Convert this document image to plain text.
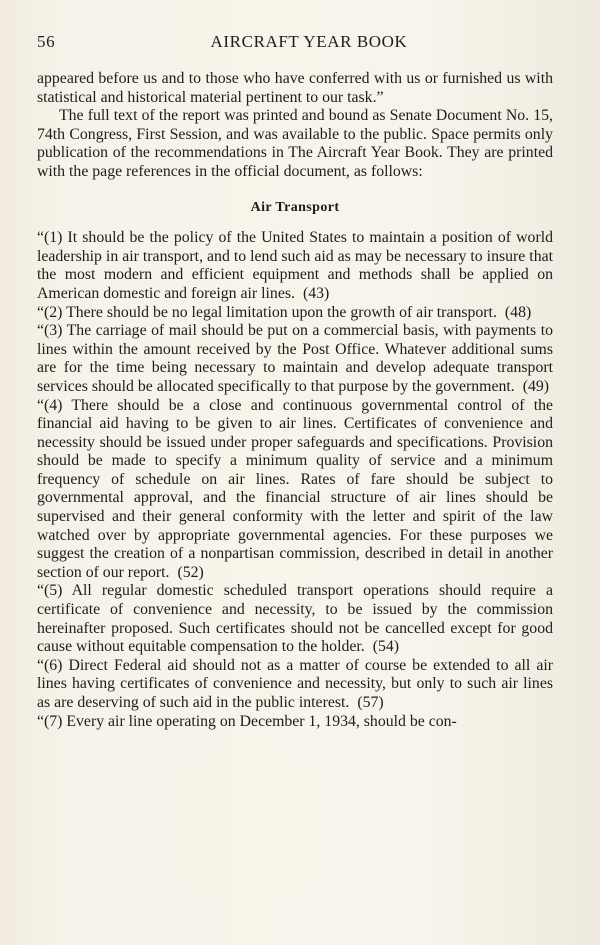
56	AIRCRAFT YEAR BOOK

appeared before us and to those who have conferred with us or furnished us with statistical and historical material pertinent to our task.”

The full text of the report was printed and bound as Senate Document No. 15, 74th Congress, First Session, and was available to the public. Space permits only publication of the recommendations in The Aircraft Year Book. They are printed with the page references in the official document, as follows:

Air Transport

“(1) It should be the policy of the United States to maintain a position of world leadership in air transport, and to lend such aid as may be necessary to insure that the most modern and efficient equipment and methods shall be applied on American domestic and foreign air lines. (43)

“(2) There should be no legal limitation upon the growth of air transport. (48)

“(3) The carriage of mail should be put on a commercial basis, with payments to lines within the amount received by the Post Office. Whatever additional sums are for the time being necessary to maintain and develop adequate transport services should be allocated specifically to that purpose by the government. (49)

“(4) There should be a close and continuous governmental control of the financial aid having to be given to air lines. Certificates of convenience and necessity should be issued under proper safeguards and specifications. Provision should be made to specify a minimum quality of service and a minimum frequency of schedule on air lines. Rates of fare should be subject to governmental approval, and the financial structure of air lines should be supervised and their general conformity with the letter and spirit of the law watched over by appropriate governmental agencies. For these purposes we suggest the creation of a nonpartisan commission, described in detail in another section of our report. (52)

“(5) All regular domestic scheduled transport operations should require a certificate of convenience and necessity, to be issued by the commission hereinafter proposed. Such certificates should not be cancelled except for good cause without equitable compensation to the holder. (54)

“(6) Direct Federal aid should not as a matter of course be extended to all air lines having certificates of convenience and necessity, but only to such air lines as are deserving of such aid in the public interest. (57)

“(7) Every air line operating on December 1, 1934, should be con-
